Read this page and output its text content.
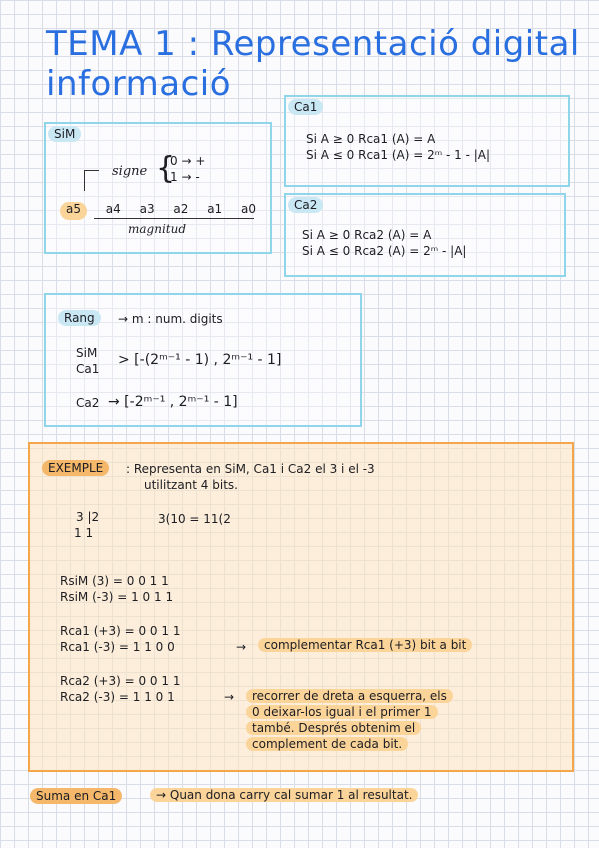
TEMA 1 : Representació digital informació
SiM
signe {
0 → +
1 → -
a5	a4 a3 a2 a1 a0
magnitud
Ca1
Si A ≥ 0 Rca1 (A) = A
Si A ≤ 0 Rca1 (A) = 2ᵐ - 1 - |A|
Ca2
Si A ≥ 0 Rca2 (A) = A
Si A ≤ 0 Rca2 (A) = 2ᵐ - |A|
Rang	→ m : num. digits
SiM
Ca1
> [-(2ᵐ⁻¹ - 1) , 2ᵐ⁻¹ - 1]
Ca2 → [-2ᵐ⁻¹ , 2ᵐ⁻¹ - 1]
EXEMPLE	: Representa en SiM, Ca1 i Ca2 el 3 i el -3
utilitzant 4 bits.
3 |2
1 1
3(10 = 11(2
RsiM (3) = 0 0 1 1
RsiM (-3) = 1 0 1 1
Rca1 (+3) = 0 0 1 1
Rca1 (-3) = 1 1 0 0	→	complementar Rca1 (+3) bit a bit
Rca2 (+3) = 0 0 1 1
Rca2 (-3) = 1 1 0 1	→	recorrer de dreta a esquerra, els
0 deixar-los igual i el primer 1
també. Després obtenim el
complement de cada bit.
Suma en Ca1	→ Quan dona carry cal sumar 1 al resultat.
